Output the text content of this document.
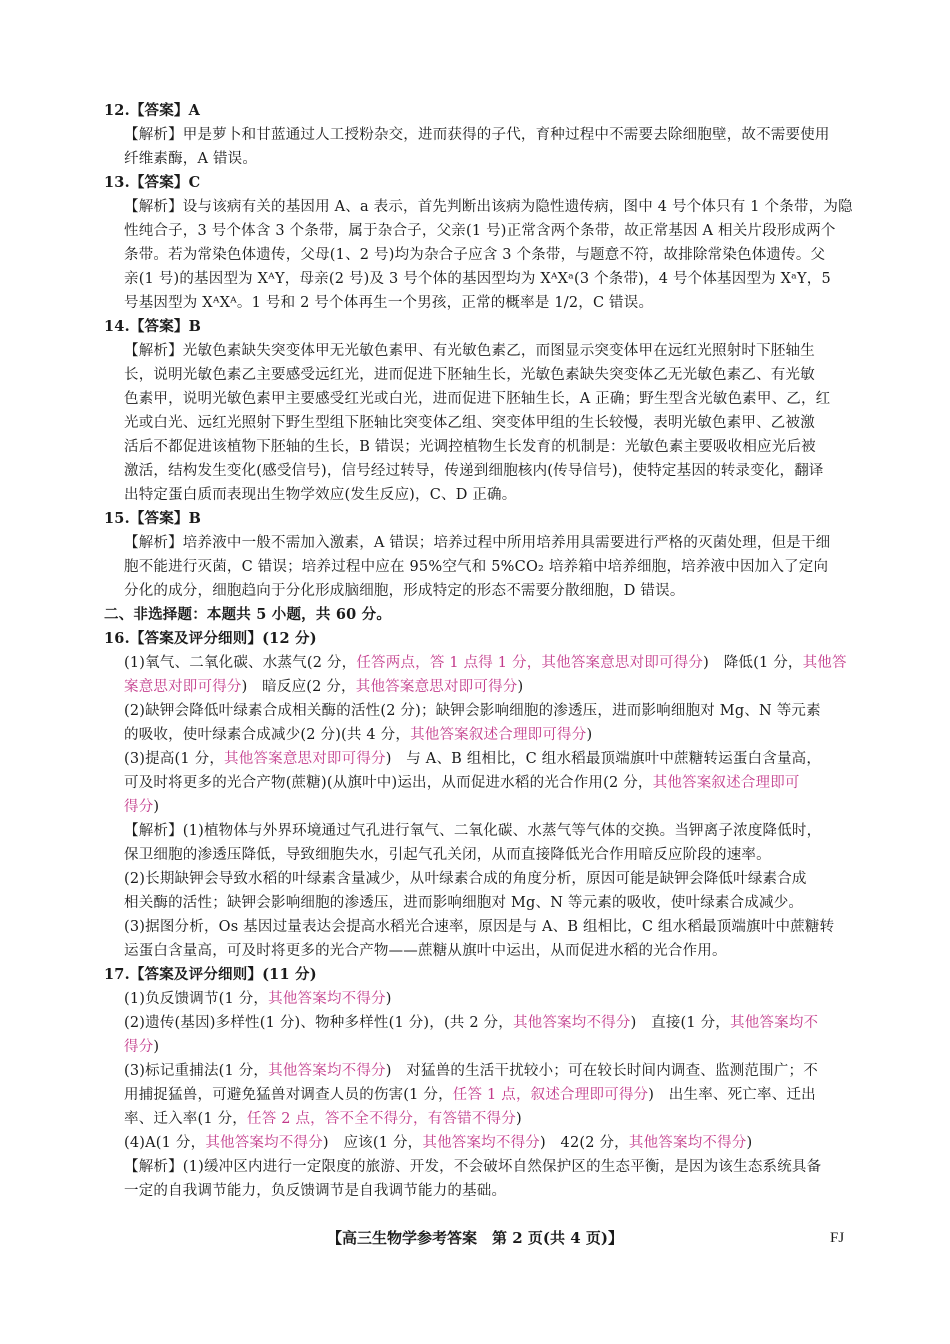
12.【答案】A
【解析】甲是萝卜和甘蓝通过人工授粉杂交，进而获得的子代，育种过程中不需要去除细胞壁，故不需要使用
纤维素酶，A 错误。
13.【答案】C
【解析】设与该病有关的基因用 A、a 表示，首先判断出该病为隐性遗传病，图中 4 号个体只有 1 个条带，为隐
性纯合子，3 号个体含 3 个条带，属于杂合子，父亲(1 号)正常含两个条带，故正常基因 A 相关片段形成两个
条带。若为常染色体遗传，父母(1、2 号)均为杂合子应含 3 个条带，与题意不符，故排除常染色体遗传。父
亲(1 号)的基因型为 XᴬY，母亲(2 号)及 3 号个体的基因型均为 XᴬXᵃ(3 个条带)，4 号个体基因型为 XᵃY，5
号基因型为 XᴬXᴬ。1 号和 2 号个体再生一个男孩，正常的概率是 1/2，C 错误。
14.【答案】B
【解析】光敏色素缺失突变体甲无光敏色素甲、有光敏色素乙，而图显示突变体甲在远红光照射时下胚轴生
长，说明光敏色素乙主要感受远红光，进而促进下胚轴生长，光敏色素缺失突变体乙无光敏色素乙、有光敏
色素甲，说明光敏色素甲主要感受红光或白光，进而促进下胚轴生长，A 正确；野生型含光敏色素甲、乙，红
光或白光、远红光照射下野生型组下胚轴比突变体乙组、突变体甲组的生长较慢，表明光敏色素甲、乙被激
活后不都促进该植物下胚轴的生长，B 错误；光调控植物生长发育的机制是：光敏色素主要吸收相应光后被
激活，结构发生变化(感受信号)，信号经过转导，传递到细胞核内(传导信号)，使特定基因的转录变化，翻译
出特定蛋白质而表现出生物学效应(发生反应)，C、D 正确。
15.【答案】B
【解析】培养液中一般不需加入激素，A 错误；培养过程中所用培养用具需要进行严格的灭菌处理，但是干细
胞不能进行灭菌，C 错误；培养过程中应在 95%空气和 5%CO₂ 培养箱中培养细胞，培养液中因加入了定向
分化的成分，细胞趋向于分化形成脑细胞，形成特定的形态不需要分散细胞，D 错误。
二、非选择题：本题共 5 小题，共 60 分。
16.【答案及评分细则】(12 分)
(1)氧气、二氧化碳、水蒸气(2 分，任答两点，答 1 点得 1 分，其他答案意思对即可得分)　降低(1 分，其他答
案意思对即可得分)　暗反应(2 分，其他答案意思对即可得分)
(2)缺钾会降低叶绿素合成相关酶的活性(2 分)；缺钾会影响细胞的渗透压，进而影响细胞对 Mg、N 等元素
的吸收，使叶绿素合成减少(2 分)(共 4 分，其他答案叙述合理即可得分)
(3)提高(1 分，其他答案意思对即可得分)　与 A、B 组相比，C 组水稻最顶端旗叶中蔗糖转运蛋白含量高，
可及时将更多的光合产物(蔗糖)(从旗叶中)运出，从而促进水稻的光合作用(2 分，其他答案叙述合理即可
得分)
【解析】(1)植物体与外界环境通过气孔进行氧气、二氧化碳、水蒸气等气体的交换。当钾离子浓度降低时，
保卫细胞的渗透压降低，导致细胞失水，引起气孔关闭，从而直接降低光合作用暗反应阶段的速率。
(2)长期缺钾会导致水稻的叶绿素含量减少，从叶绿素合成的角度分析，原因可能是缺钾会降低叶绿素合成
相关酶的活性；缺钾会影响细胞的渗透压，进而影响细胞对 Mg、N 等元素的吸收，使叶绿素合成减少。
(3)据图分析，Os 基因过量表达会提高水稻光合速率，原因是与 A、B 组相比，C 组水稻最顶端旗叶中蔗糖转
运蛋白含量高，可及时将更多的光合产物——蔗糖从旗叶中运出，从而促进水稻的光合作用。
17.【答案及评分细则】(11 分)
(1)负反馈调节(1 分，其他答案均不得分)
(2)遗传(基因)多样性(1 分)、物种多样性(1 分)，(共 2 分，其他答案均不得分)　直接(1 分，其他答案均不
得分)
(3)标记重捕法(1 分，其他答案均不得分)　对猛兽的生活干扰较小；可在较长时间内调查、监测范围广；不
用捕捉猛兽，可避免猛兽对调查人员的伤害(1 分，任答 1 点，叙述合理即可得分)　出生率、死亡率、迁出
率、迁入率(1 分，任答 2 点，答不全不得分，有答错不得分)
(4)A(1 分，其他答案均不得分)　应该(1 分，其他答案均不得分)　42(2 分，其他答案均不得分)
【解析】(1)缓冲区内进行一定限度的旅游、开发，不会破坏自然保护区的生态平衡，是因为该生态系统具备
一定的自我调节能力，负反馈调节是自我调节能力的基础。
【高三生物学参考答案　第 2 页(共 4 页)】	FJ
